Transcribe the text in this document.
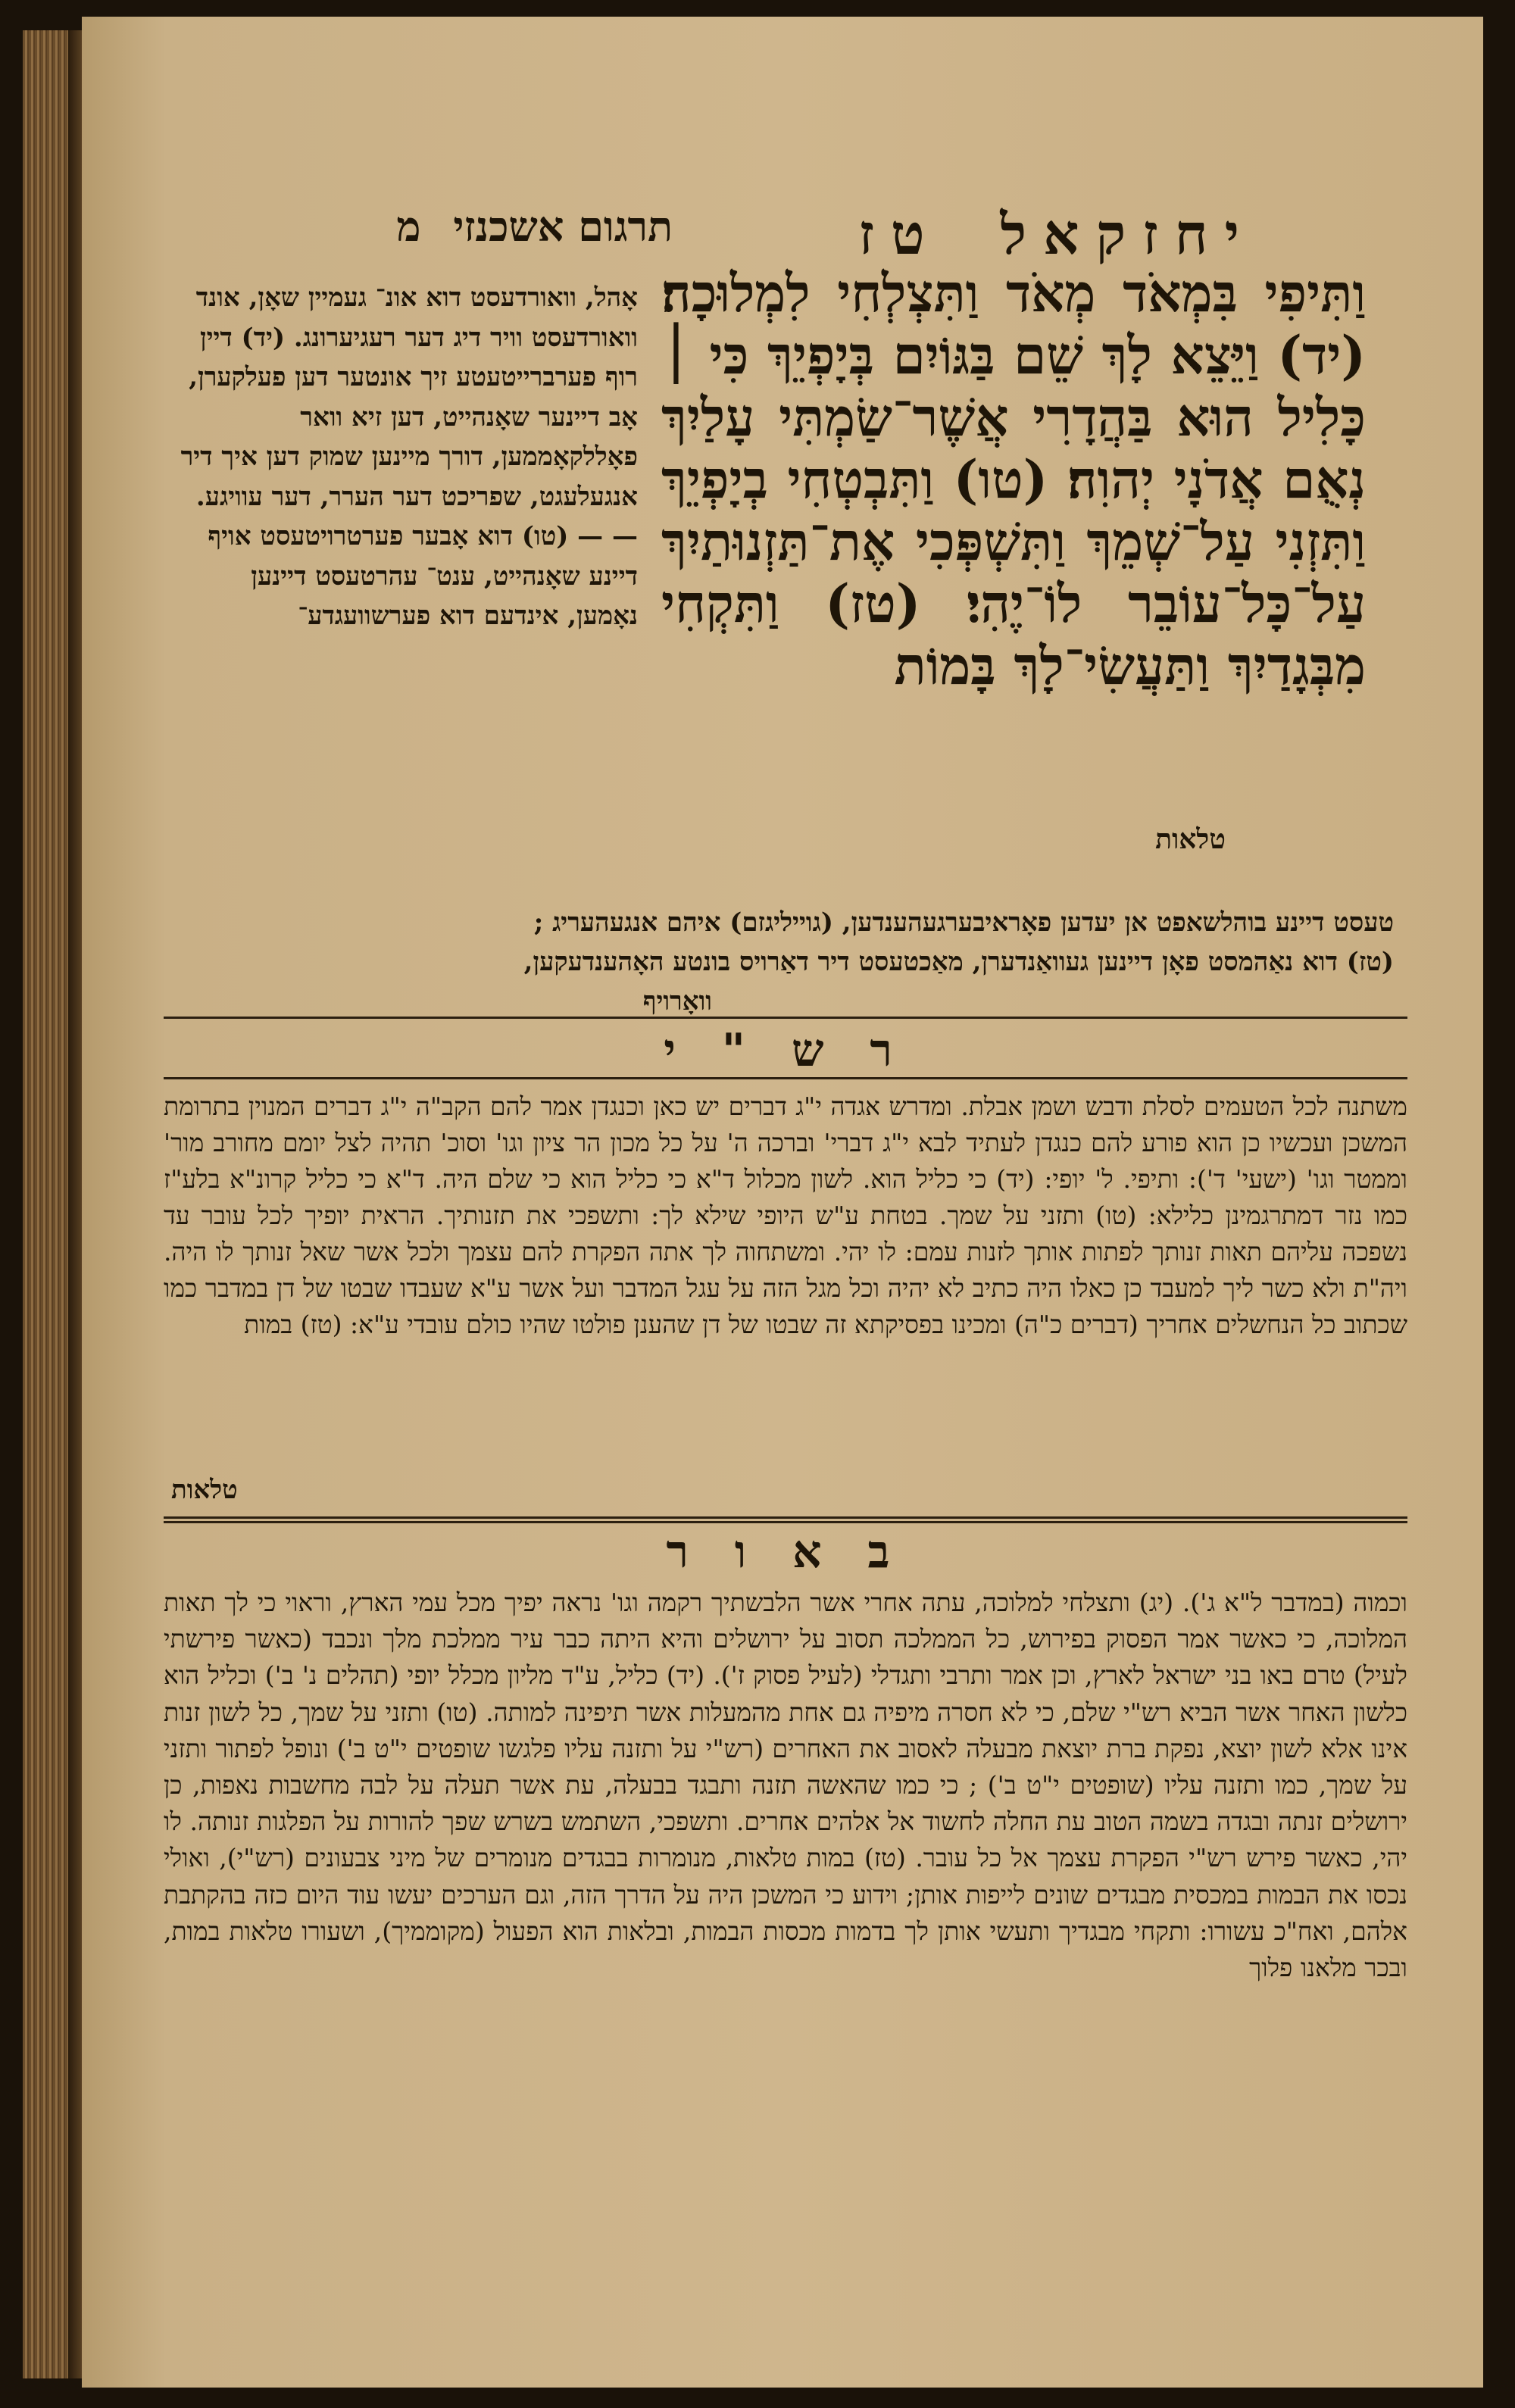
יחזקאל טז
תרגום אשכנזי מ

וַתִּיפִי בִּמְאֹד מְאֹד וַתִּצְלְחִי לִמְלוּכָה׃ (יד) וַיֵּצֵא לָךְ שֵׁם בַּגּוֹיִם בְּיָפְיֵךְ כִּי ׀ כָּלִיל הוּא בַּהֲדָרִי אֲשֶׁר־שַׂמְתִּי עָלַיִךְ נְאֻם אֲדֹנָי יְהוִה׃ (טו) וַתִּבְטְחִי בְיָפְיֵךְ וַתִּזְנִי עַל־שְׁמֵךְ וַתִּשְׁפְּכִי אֶת־תַּזְנוּתַיִךְ עַל־כָּל־עוֹבֵר לוֹ־יֶהִי׃ (טז) וַתִּקְחִי מִבְּגָדַיִךְ וַתַּעֲשִׂי־לָךְ בָּמוֹת

טלאות
אָהל, וואורדעסט דוא אונ־ געמיין שאָן, אונד וואורדעסט וויר דיג דער רעגיערונג. (יד) דיין רוף פערברייטעטע זיך אונטער דען פעלקערן, אָב דיינער שאָנהייט, דען זיא וואר פאָללקאָממען, דורך מיינען שמוק דען איך דיר אנגעלעגט, שפריכט דער הערר, דער עוויגע. — — (טו) דוא אָבער פערטרויטעסט אויף דיינע שאָנהייט, ענט־ עהרטעסט דיינען נאָמען, אינדעם דוא פערשוועגדע־

טעסט דיינע בוהלשאפט אן יעדען פאָראיבערגעהענדען, (גוייליגזם) איהם אנגעהעריג ;

(טז) דוא נאַהמסט פאָן דיינען געוואַנדערן, מאַכטעסט דיר דאַרויס בונטע האָהענדעקען,

וואָרויף

ר ש " י

משתנה לכל הטעמים לסלת ודבש ושמן אבלת. ומדרש אגדה י"ג דברים יש כאן וכנגדן אמר להם הקב"ה י"ג דברים המנוין בתרומת המשכן ועכשיו כן הוא פורע להם כנגדן לעתיד לבא י"ג דברי' וברכה ה' על כל מכון הר ציון וגו' וסוכ' תהיה לצל יומם מחורב מור' וממטר וגו' (ישעי' ד'): ותיפי. ל' יופי: (יד) כי כליל הוא. לשון מכלול ד"א כי כליל הוא כי שלם היה. ד"א כי כליל קרונ"א בלע"ז כמו נזר דמתרגמינן כלילא: (טו) ותזני על שמך. בטחת ע"ש היופי שילא לך: ותשפכי את תזנותיך. הראית יופיך לכל עובר עד נשפכה עליהם תאות זנותך לפתות אותך לזנות עמם: לו יהי. ומשתחוה לך אתה הפקרת להם עצמך ולכל אשר שאל זנותך לו היה. ויה"ת ולא כשר ליך למעבד כן כאלו היה כתיב לא יהיה וכל מגל הזה על עגל המדבר ועל אשר ע"א שעבדו שבטו של דן במדבר כמו שכתוב כל הנחשלים אחריך (דברים כ"ה) ומכינו בפסיקתא זה שבטו של דן שהענן פולטו שהיו כולם עובדי ע"א: (טז) במות

טלאות
ב א ו ר

וכמוה (במדבר ל"א ג'). (יג) ותצלחי למלוכה, עתה אחרי אשר הלבשתיך רקמה וגו' נראה יפיך מכל עמי הארץ, וראוי כי לך תאות המלוכה, כי כאשר אמר הפסוק בפירוש, כל הממלכה תסוב על ירושלים והיא היתה כבר עיר ממלכת מלך ונכבד (כאשר פירשתי לעיל) טרם באו בני ישראל לארץ, וכן אמר ותרבי ותגדלי (לעיל פסוק ז'). (יד) כליל, ע"ד מליון מכלל יופי (תהלים נ' ב') וכליל הוא כלשון האחר אשר הביא רש"י שלם, כי לא חסרה מיפיה גם אחת מהמעלות אשר תיפינה למותה. (טו) ותזני על שמך, כל לשון זנות אינו אלא לשון יוצא, נפקת ברת יוצאת מבעלה לאסוב את האחרים (רש"י על ותזנה עליו פלגשו שופטים י"ט ב') ונופל לפתור ותזני על שמך, כמו ותזנה עליו (שופטים י"ט ב') ; כי כמו שהאשה תזנה ותבגד בבעלה, עת אשר תעלה על לבה מחשבות נאפות, כן ירושלים זנתה ובגדה בשמה הטוב עת החלה לחשוד אל אלהים אחרים. ותשפכי, השתמש בשרש שפך להורות על הפלגות זנותה. לו יהי, כאשר פירש רש"י הפקרת עצמך אל כל עובר. (טז) במות טלאות, מנומרות בבגדים מנומרים של מיני צבעונים (רש"י), ואולי נכסו את הבמות במכסית מבגדים שונים לייפות אותן; וידוע כי המשכן היה על הדרך הזה, וגם הערכים יעשו עוד היום כזה בהקתבת אלהם, ואח"כ עשורו: ותקחי מבגדיך ותעשי אותן לך בדמות מכסות הבמות, ובלאות הוא הפעול (מקוממיך), ושעורו טלאות במות, ובכר מלאנו פלוך
